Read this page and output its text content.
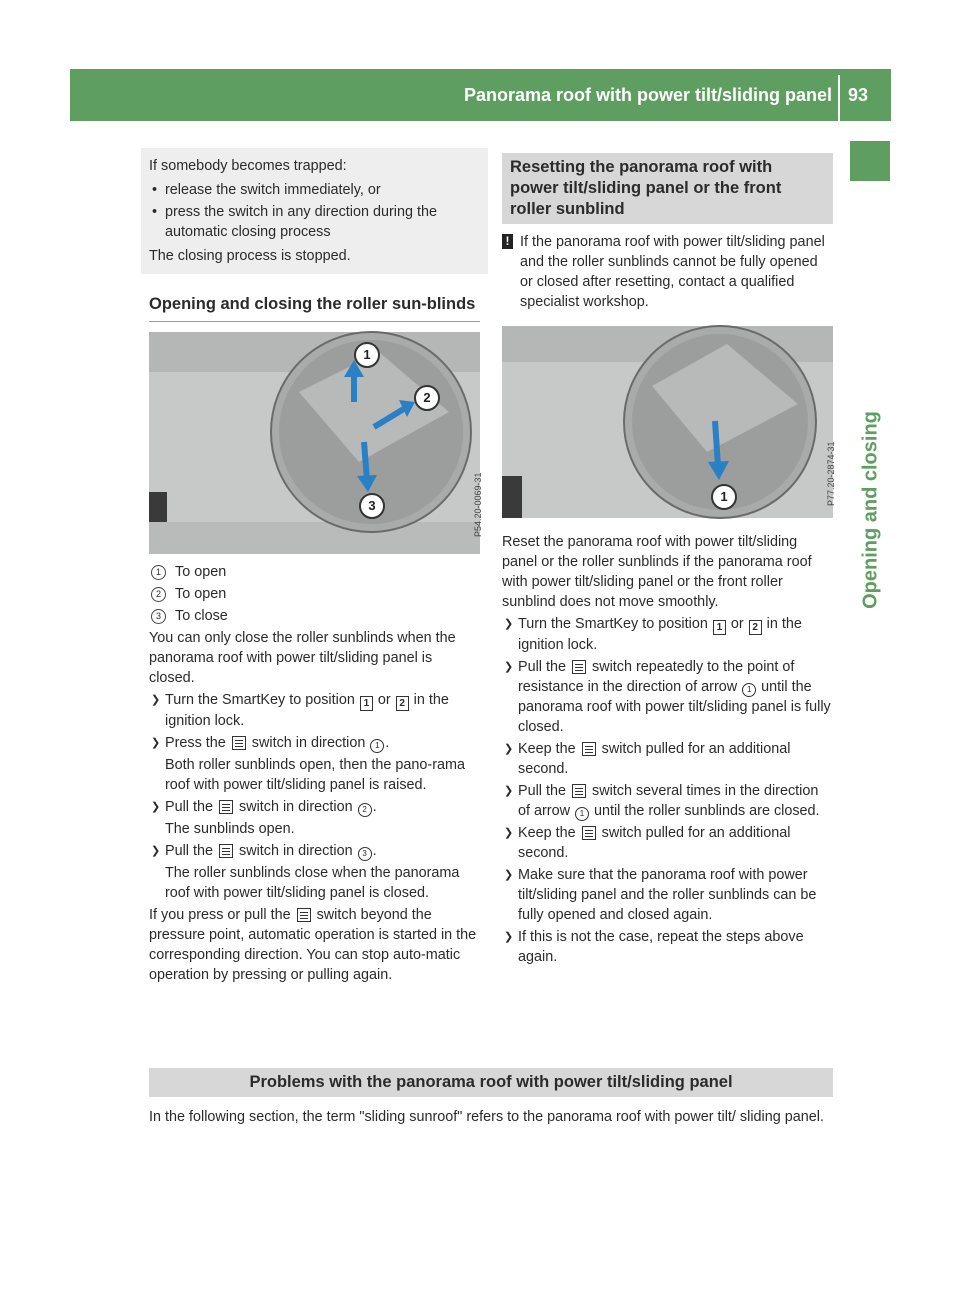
Panorama roof with power tilt/sliding panel 93
Opening and closing

If somebody becomes trapped:

• release the switch immediately, or

• press the switch in any direction during the automatic closing process

The closing process is stopped.

Opening and closing the roller sun-blinds

1
2
3	P54.20-0069-31

1 To open

2 To open

3 To close

You can only close the roller sunblinds when the panorama roof with power tilt/sliding panel is closed.

❯ Turn the SmartKey to position 1 or 2 in the ignition lock.

❯ Press the  switch in direction 1 .

Both roller sunblinds open, then the pano-rama roof with power tilt/sliding panel is raised.

❯ Pull the  switch in direction 2 .

The sunblinds open.

❯ Pull the  switch in direction 3 .

The roller sunblinds close when the panorama roof with power tilt/sliding panel is closed.

If you press or pull the  switch beyond the pressure point, automatic operation is started in the corresponding direction. You can stop auto-matic operation by pressing or pulling again.

Resetting the panorama roof with power tilt/sliding panel or the front roller sunblind

! If the panorama roof with power tilt/sliding panel and the roller sunblinds cannot be fully opened or closed after resetting, contact a qualified specialist workshop.

1	P77.20-2874-31

Reset the panorama roof with power tilt/sliding panel or the roller sunblinds if the panorama roof with power tilt/sliding panel or the front roller sunblind does not move smoothly.

❯ Turn the SmartKey to position 1 or 2 in the ignition lock.

❯ Pull the  switch repeatedly to the point of resistance in the direction of arrow 1 until the panorama roof with power tilt/sliding panel is fully closed.

❯ Keep the  switch pulled for an additional second.

❯ Pull the  switch several times in the direction of arrow 1 until the roller sunblinds are closed.

❯ Keep the  switch pulled for an additional second.

❯ Make sure that the panorama roof with power tilt/sliding panel and the roller sunblinds can be fully opened and closed again.

❯ If this is not the case, repeat the steps above again.

Problems with the panorama roof with power tilt/sliding panel

In the following section, the term "sliding sunroof" refers to the panorama roof with power tilt/ sliding panel.
